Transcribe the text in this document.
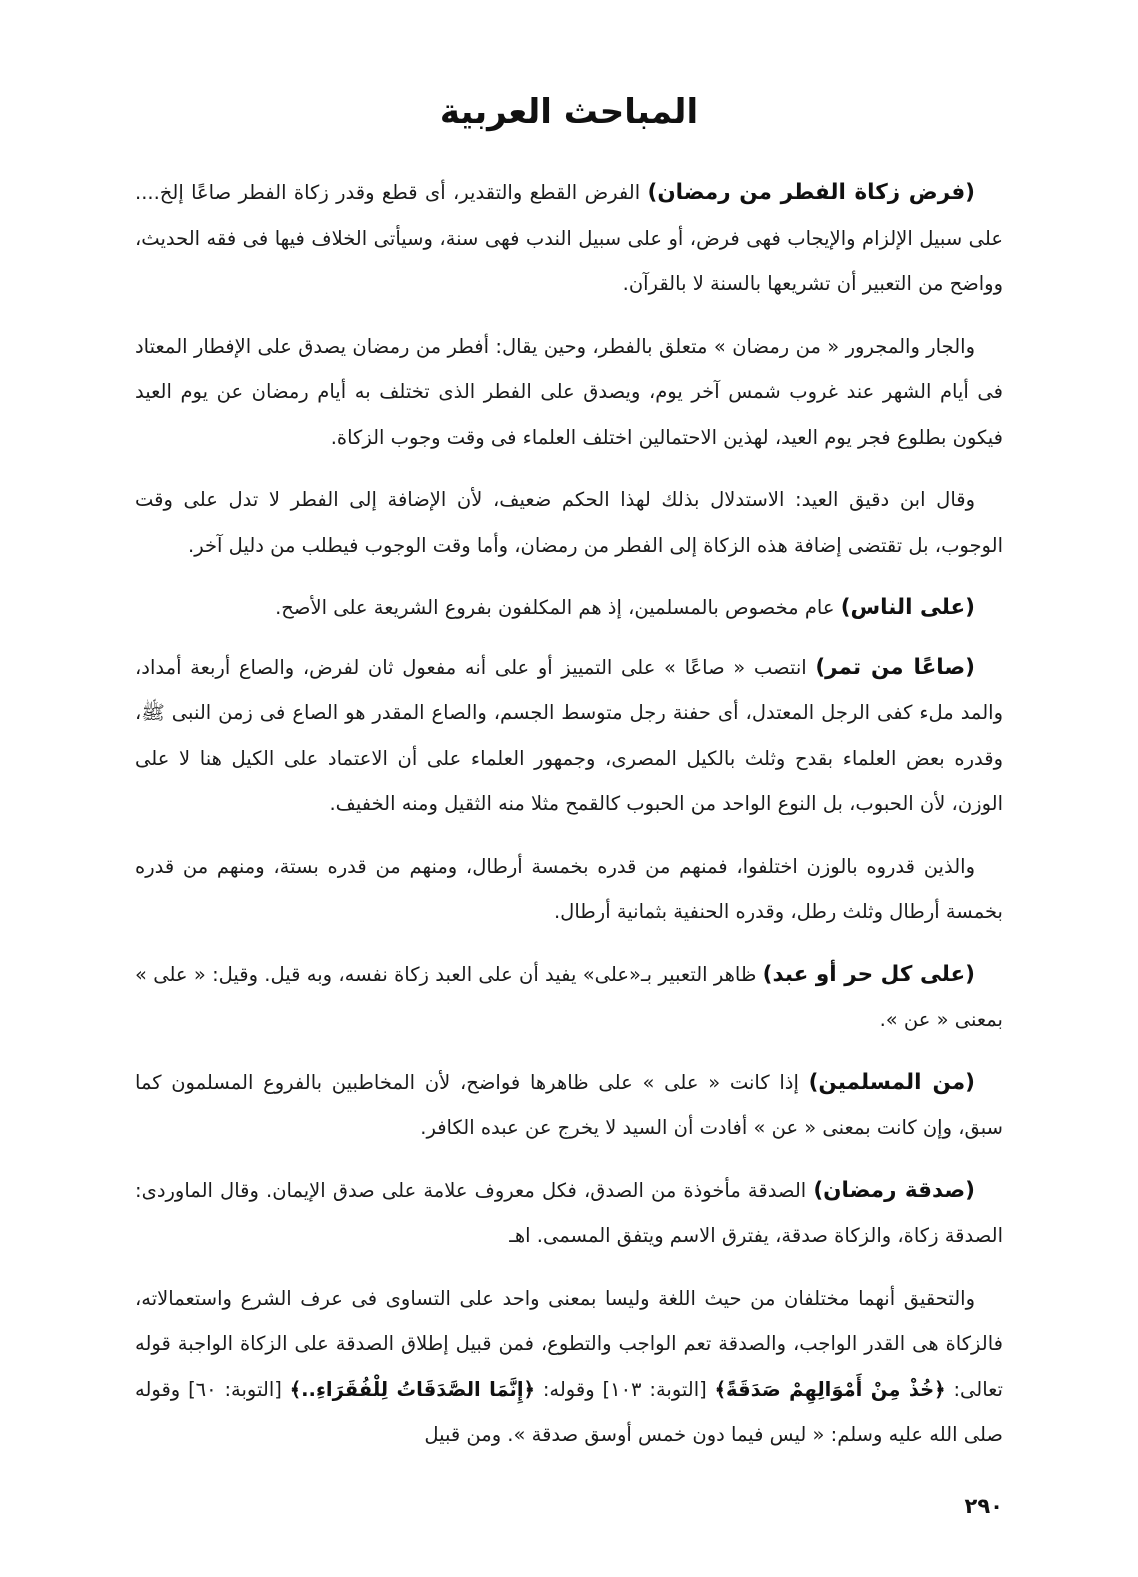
المباحث العربية

(فرض زكاة الفطر من رمضان) الفرض القطع والتقدير، أى قطع وقدر زكاة الفطر صاعًا إلخ.... على سبيل الإلزام والإيجاب فهى فرض، أو على سبيل الندب فهى سنة، وسيأتى الخلاف فيها فى فقه الحديث، وواضح من التعبير أن تشريعها بالسنة لا بالقرآن.

والجار والمجرور « من رمضان » متعلق بالفطر، وحين يقال: أفطر من رمضان يصدق على الإفطار المعتاد فى أيام الشهر عند غروب شمس آخر يوم، ويصدق على الفطر الذى تختلف به أيام رمضان عن يوم العيد فيكون بطلوع فجر يوم العيد، لهذين الاحتمالين اختلف العلماء فى وقت وجوب الزكاة.

وقال ابن دقيق العيد: الاستدلال بذلك لهذا الحكم ضعيف، لأن الإضافة إلى الفطر لا تدل على وقت الوجوب، بل تقتضى إضافة هذه الزكاة إلى الفطر من رمضان، وأما وقت الوجوب فيطلب من دليل آخر.

(على الناس) عام مخصوص بالمسلمين، إذ هم المكلفون بفروع الشريعة على الأصح.

(صاعًا من تمر) انتصب « صاعًا » على التمييز أو على أنه مفعول ثان لفرض، والصاع أربعة أمداد، والمد ملء كفى الرجل المعتدل، أى حفنة رجل متوسط الجسم، والصاع المقدر هو الصاع فى زمن النبى ﷺ، وقدره بعض العلماء بقدح وثلث بالكيل المصرى، وجمهور العلماء على أن الاعتماد على الكيل هنا لا على الوزن، لأن الحبوب، بل النوع الواحد من الحبوب كالقمح مثلا منه الثقيل ومنه الخفيف.

والذين قدروه بالوزن اختلفوا، فمنهم من قدره بخمسة أرطال، ومنهم من قدره بستة، ومنهم من قدره بخمسة أرطال وثلث رطل، وقدره الحنفية بثمانية أرطال.

(على كل حر أو عبد) ظاهر التعبير بـ«على» يفيد أن على العبد زكاة نفسه، وبه قيل. وقيل: « على » بمعنى « عن ».

(من المسلمين) إذا كانت « على » على ظاهرها فواضح، لأن المخاطبين بالفروع المسلمون كما سبق، وإن كانت بمعنى « عن » أفادت أن السيد لا يخرج عن عبده الكافر.

(صدقة رمضان) الصدقة مأخوذة من الصدق، فكل معروف علامة على صدق الإيمان. وقال الماوردى: الصدقة زكاة، والزكاة صدقة، يفترق الاسم ويتفق المسمى. اهـ

والتحقيق أنهما مختلفان من حيث اللغة وليسا بمعنى واحد على التساوى فى عرف الشرع واستعمالاته، فالزكاة هى القدر الواجب، والصدقة تعم الواجب والتطوع، فمن قبيل إطلاق الصدقة على الزكاة الواجبة قوله تعالى: ﴿خُذْ مِنْ أَمْوَالِهِمْ صَدَقَةً﴾ [التوبة: ١٠٣] وقوله: ﴿إِنَّمَا الصَّدَقَاتُ لِلْفُقَرَاءِ..﴾ [التوبة: ٦٠] وقوله صلى الله عليه وسلم: « ليس فيما دون خمس أوسق صدقة ». ومن قبيل

٢٩٠
